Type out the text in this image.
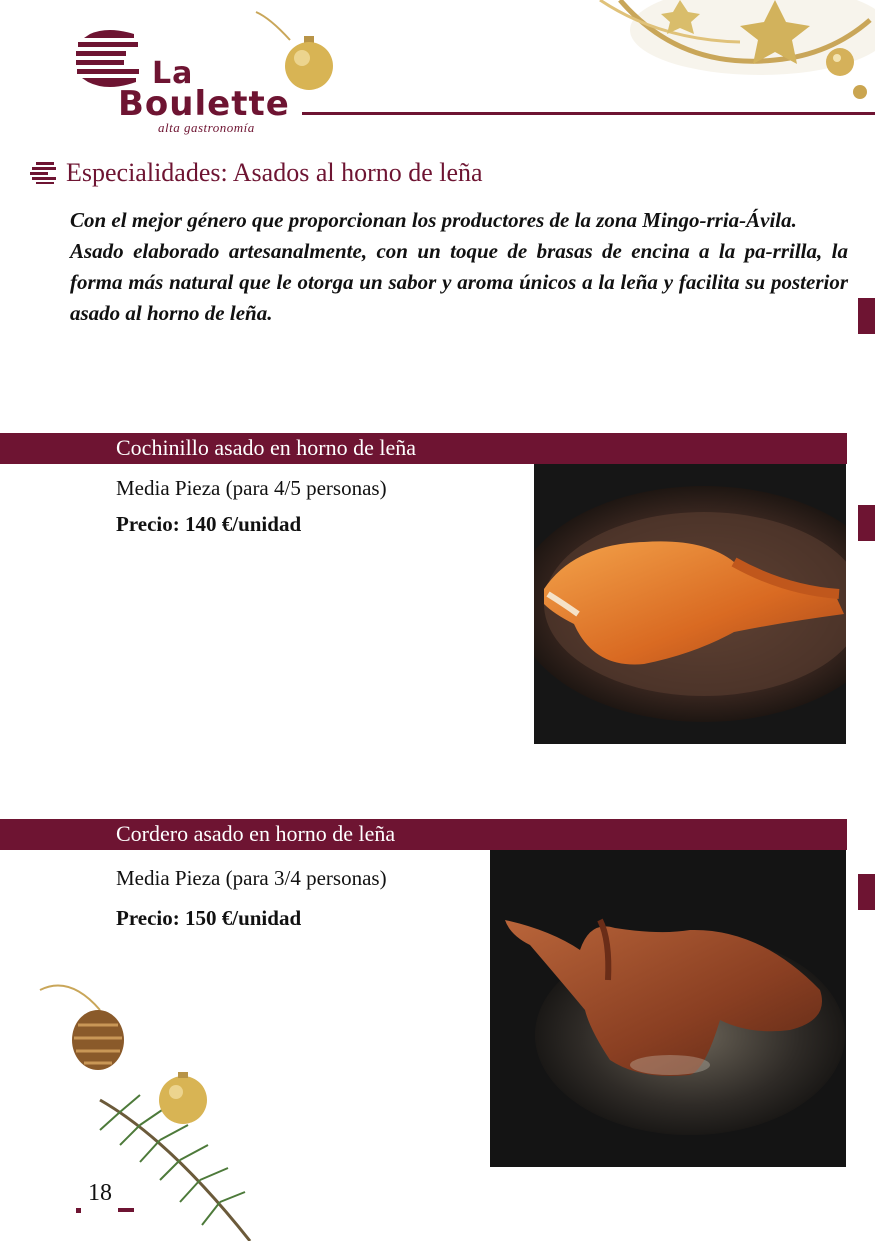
La
Boulette
alta gastronomía
Especialidades: Asados al horno de leña

Con el mejor género que proporcionan los productores de la zona Mingo-rria-Ávila.

Asado elaborado artesanalmente, con un toque de brasas de encina a la pa-rrilla, la forma más natural que le otorga un sabor y aroma únicos a la leña y facilita su posterior asado al horno de leña.

Cochinillo asado en horno de leña
Media Pieza (para 4/5 personas)
Precio: 140 €/unidad
Cordero asado en horno de leña
Media Pieza (para 3/4 personas)
Precio: 150 €/unidad
18
